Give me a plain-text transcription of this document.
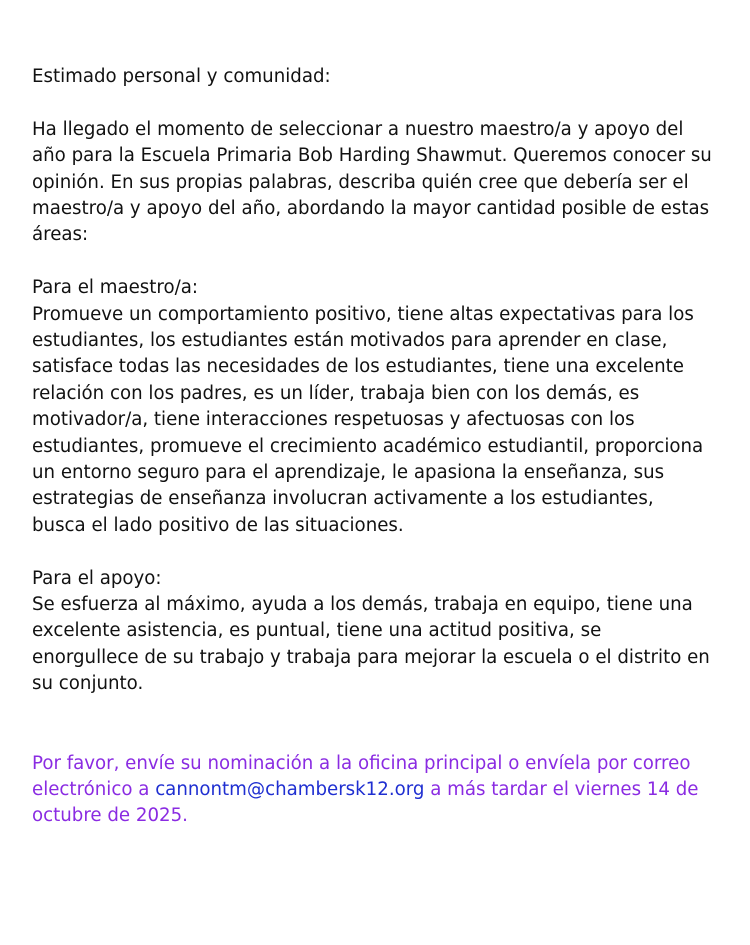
Estimado personal y comunidad:

Ha llegado el momento de seleccionar a nuestro maestro/a y apoyo del año para la Escuela Primaria Bob Harding Shawmut. Queremos conocer su opinión. En sus propias palabras, describa quién cree que debería ser el maestro/a y apoyo del año, abordando la mayor cantidad posible de estas áreas:

Para el maestro/a:

Promueve un comportamiento positivo, tiene altas expectativas para los estudiantes, los estudiantes están motivados para aprender en clase, satisface todas las necesidades de los estudiantes, tiene una excelente relación con los padres, es un líder, trabaja bien con los demás, es motivador/a, tiene interacciones respetuosas y afectuosas con los estudiantes, promueve el crecimiento académico estudiantil, proporciona un entorno seguro para el aprendizaje, le apasiona la enseñanza, sus estrategias de enseñanza involucran activamente a los estudiantes, busca el lado positivo de las situaciones.

Para el apoyo:

Se esfuerza al máximo, ayuda a los demás, trabaja en equipo, tiene una excelente asistencia, es puntual, tiene una actitud positiva, se enorgullece de su trabajo y trabaja para mejorar la escuela o el distrito en su conjunto.

Por favor, envíe su nominación a la oficina principal o envíela por correo electrónico a cannontm@chambersk12.org a más tardar el viernes 14 de octubre de 2025.
